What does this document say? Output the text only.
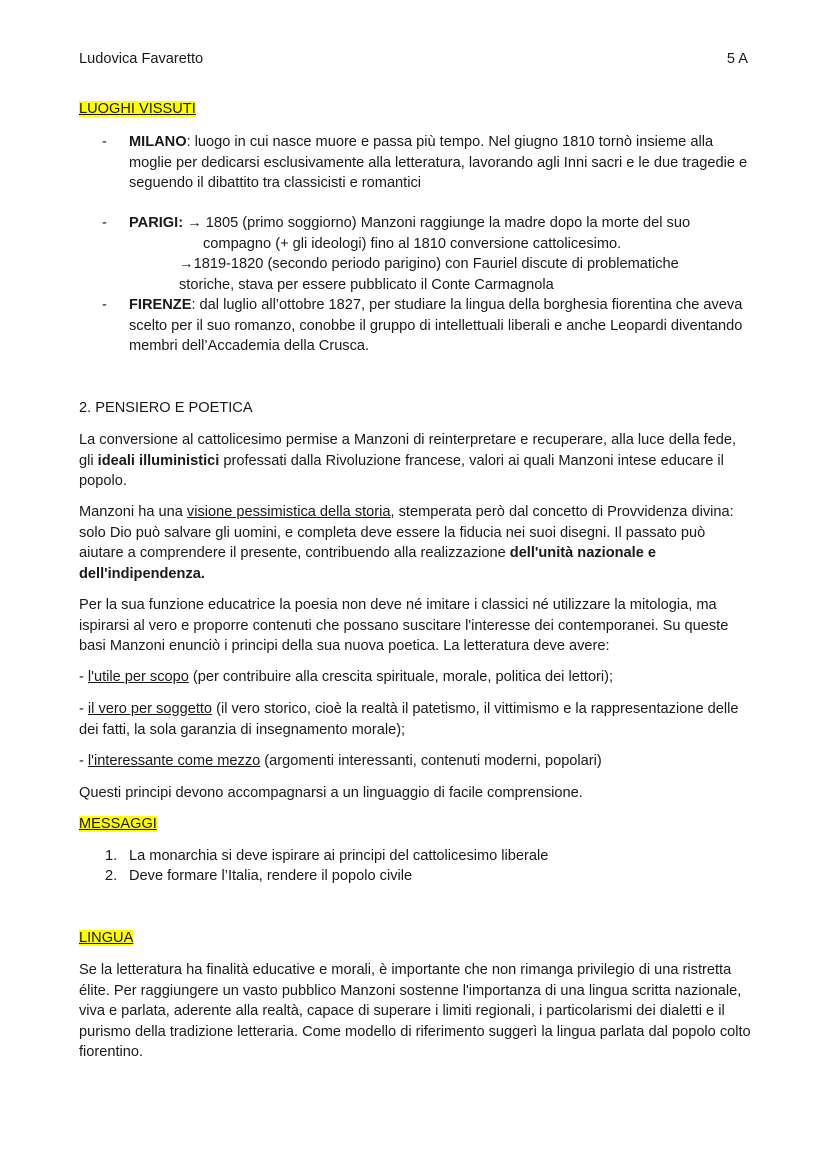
Ludovica Favaretto	5 A
LUOGHI VISSUTI
- MILANO: luogo in cui nasce muore e passa più tempo. Nel giugno 1810 tornò insieme alla moglie per dedicarsi esclusivamente alla letteratura, lavorando agli Inni sacri e le due tragedie e seguendo il dibattito tra classicisti e romantici
- PARIGI: → 1805 (primo soggiorno) Manzoni raggiunge la madre dopo la morte del suo
compagno (+ gli ideologi) fino al 1810 conversione cattolicesimo.
→1819-1820 (secondo periodo parigino) con Fauriel discute di problematiche
storiche, stava per essere pubblicato il Conte Carmagnola
- FIRENZE: dal luglio all’ottobre 1827, per studiare la lingua della borghesia fiorentina che aveva scelto per il suo romanzo, conobbe il gruppo di intellettuali liberali e anche Leopardi diventando membri dell’Accademia della Crusca.
2. PENSIERO E POETICA

La conversione al cattolicesimo permise a Manzoni di reinterpretare e recuperare, alla luce della fede, gli ideali illuministici professati dalla Rivoluzione francese, valori ai quali Manzoni intese educare il popolo.

Manzoni ha una visione pessimistica della storia, stemperata però dal concetto di Provvidenza divina: solo Dio può salvare gli uomini, e completa deve essere la fiducia nei suoi disegni. Il passato può aiutare a comprendere il presente, contribuendo alla realizzazione dell'unità nazionale e dell'indipendenza.

Per la sua funzione educatrice la poesia non deve né imitare i classici né utilizzare la mitologia, ma ispirarsi al vero e proporre contenuti che possano suscitare l'interesse dei contemporanei. Su queste basi Manzoni enunciò i principi della sua nuova poetica. La letteratura deve avere:

- l'utile per scopo (per contribuire alla crescita spirituale, morale, politica dei lettori);

- il vero per soggetto (il vero storico, cioè la realtà il patetismo, il vittimismo e la rappresentazione delle dei fatti, la sola garanzia di insegnamento morale);

- l'interessante come mezzo (argomenti interessanti, contenuti moderni, popolari)

Questi principi devono accompagnarsi a un linguaggio di facile comprensione.

MESSAGGI
1. La monarchia si deve ispirare ai principi del cattolicesimo liberale
2. Deve formare l’Italia, rendere il popolo civile
LINGUA

Se la letteratura ha finalità educative e morali, è importante che non rimanga privilegio di una ristretta élite. Per raggiungere un vasto pubblico Manzoni sostenne l'importanza di una lingua scritta nazionale, viva e parlata, aderente alla realtà, capace di superare i limiti regionali, i particolarismi dei dialetti e il purismo della tradizione letteraria. Come modello di riferimento suggerì la lingua parlata dal popolo colto fiorentino.
